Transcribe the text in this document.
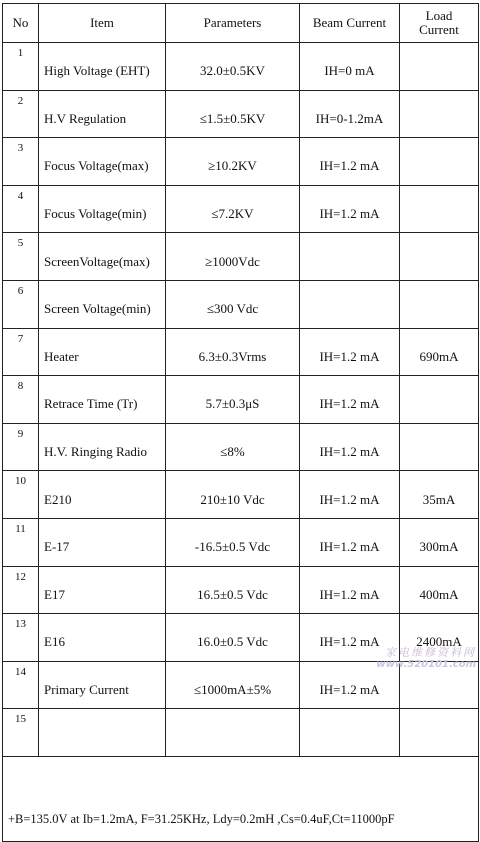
No	Item	Parameters	Beam Current	Load
Current
1	High Voltage (EHT)	32.0±0.5KV	IH=0 mA	
2	H.V Regulation	≤1.5±0.5KV	IH=0-1.2mA	
3	Focus Voltage(max)	≥10.2KV	IH=1.2 mA	
4	Focus Voltage(min)	≤7.2KV	IH=1.2 mA	
5	ScreenVoltage(max)	≥1000Vdc		
6	Screen Voltage(min)	≤300 Vdc		
7	Heater	6.3±0.3Vrms	IH=1.2 mA	690mA
8	Retrace Time (Tr)	5.7±0.3μS	IH=1.2 mA	
9	H.V. Ringing Radio	≤8%	IH=1.2 mA	
10	E210	210±10 Vdc	IH=1.2 mA	35mA
11	E-17	-16.5±0.5 Vdc	IH=1.2 mA	300mA
12	E17	16.5±0.5 Vdc	IH=1.2 mA	400mA
13	E16	16.0±0.5 Vdc	IH=1.2 mA	2400mA
14	Primary Current	≤1000mA±5%	IH=1.2 mA	
15				
+B=135.0V at Ib=1.2mA, F=31.25KHz, Ldy=0.2mH ,Cs=0.4uF,Ct=11000pF				
家电维修资料网
www.520101.com
